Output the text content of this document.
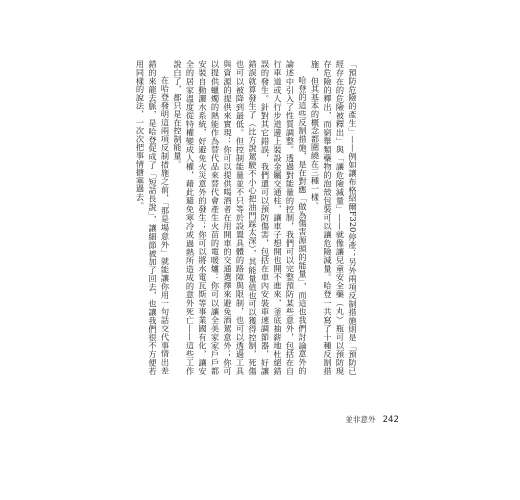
「預防危險的產生」——例如讓布格紹爾F320停產；另外兩項反制措施則是「預防已經存在的危險被釋出」與「讓危險減量」——就像讓兒童安全藥（丸）瓶可以預防現存危險的釋出，而窮舉類藥物的泡殼包裝可以讓危險減量。哈登一共寫了十種反制措施，但其基本的概念都圍繞在三種一樣。

哈登的這些反制措施，是在對應「做為傷害源頭的能量」，而這也我們討論意外的論述中引入了性質調整。透過對能量的控制，我們可以完整預防某些意外，包括在自行車道或人行步道邊上裝設金屬交通柱，讓車子想開也開不進來，釜底抽薪地杜絕錯誤的發生。針對其它錯誤，我們還可以預防傷害，包括在車內安裝車速調節器，好讓錯誤就算發生了（比方說駕駛不小心把油門踩太深），其能量值也可以獲得控制，死傷也可以被降到最低。但控制能量並不只等於設置具體的路障與限制，也可以透過工具與資源的提供來實現：你可以提供喝酒者在用開車的交通選擇來避免酒駕意外；你可以提供蠟燭的熱能作為替代品來替代會產生火苗的電暖爐：你可以讓全美家家戶戶都安裝自動灑水系統，好避免火災意外的發生；你可以將水電瓦斯等事業國有化，讓安全的居家溫度從特權變成人權，藉此避免寒冷或過熱所造成的意外死亡——這些工作說白了，都只是在控制能量。

在哈登發明這兩項反制措施之前，「那是場意外」就能讓你用一句話交代事情出差錯的來龍去脈，是哈登促成了「短話長說」，讓細節被加了回去，也讓我們很不方便若用同樣的說法，一次次把事情搪塞過去。

並非意外 242
